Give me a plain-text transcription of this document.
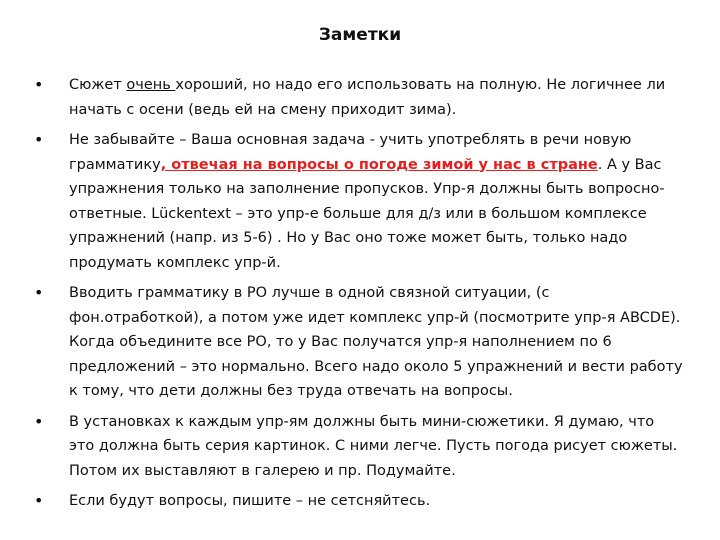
Заметки
• Сюжет очень хороший, но надо его использовать на полную. Не логичнее ли начать с осени (ведь ей на смену приходит зима).
• Не забывайте – Ваша основная задача - учить употреблять в речи новую грамматику, отвечая на вопросы о погоде зимой у нас в стране. А у Вас упражнения только на заполнение пропусков. Упр-я должны быть вопросно-ответные. Lückentext – это упр-е больше для д/з или в большом комплексе упражнений (напр. из 5-6) . Но у Вас оно тоже может быть, только надо продумать комплекс упр-й.
• Вводить грамматику в РО лучше в одной связной ситуации, (с фон.отработкой), а потом уже идет комплекс упр-й (посмотрите упр-я ABCDE). Когда объедините все РО, то у Вас получатся упр-я наполнением по 6 предложений – это нормально. Всего надо около 5 упражнений и вести работу к тому, что дети должны без труда отвечать на вопросы.
• В установках к каждым упр-ям должны быть мини-сюжетики. Я думаю, что это должна быть серия картинок. С ними легче. Пусть погода рисует сюжеты. Потом их выставляют в галерею и пр. Подумайте.
• Если будут вопросы, пишите – не сетсняйтесь.
